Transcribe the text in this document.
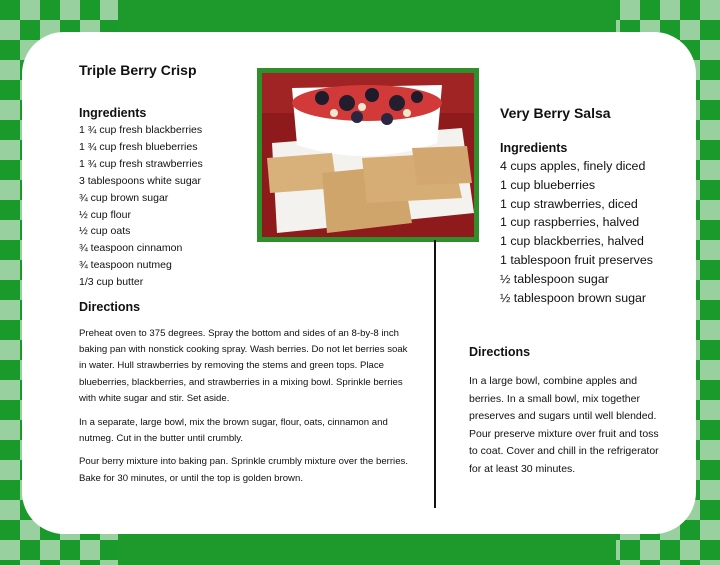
Triple Berry Crisp
Ingredients
1 ¾ cup fresh blackberries
1 ¾ cup fresh blueberries
1 ¾ cup fresh strawberries
3 tablespoons white sugar
¾ cup brown sugar
½ cup flour
½ cup oats
¾ teaspoon cinnamon
¾ teaspoon nutmeg
1/3 cup butter
Directions

Preheat oven to 375 degrees. Spray the bottom and sides of an 8-by-8 inch baking pan with nonstick cooking spray. Wash berries. Do not let berries soak in water. Hull strawberries by removing the stems and green tops. Place blueberries, blackberries, and strawberries in a mixing bowl. Sprinkle berries with white sugar and stir. Set aside.

In a separate, large bowl, mix the brown sugar, flour, oats, cinnamon and nutmeg. Cut in the butter until crumbly.

Pour berry mixture into baking pan. Sprinkle crumbly mixture over the berries. Bake for 30 minutes, or until the top is golden brown.

Very Berry Salsa
Ingredients
4 cups apples, finely diced
1 cup blueberries
1 cup strawberries, diced
1 cup raspberries, halved
1 cup blackberries, halved
1 tablespoon fruit preserves
½ tablespoon sugar
½ tablespoon brown sugar
Directions

In a large bowl, combine apples and berries. In a small bowl, mix together preserves and sugars until well blended. Pour preserve mixture over fruit and toss to coat. Cover and chill in the refrigerator for at least 30 minutes.
